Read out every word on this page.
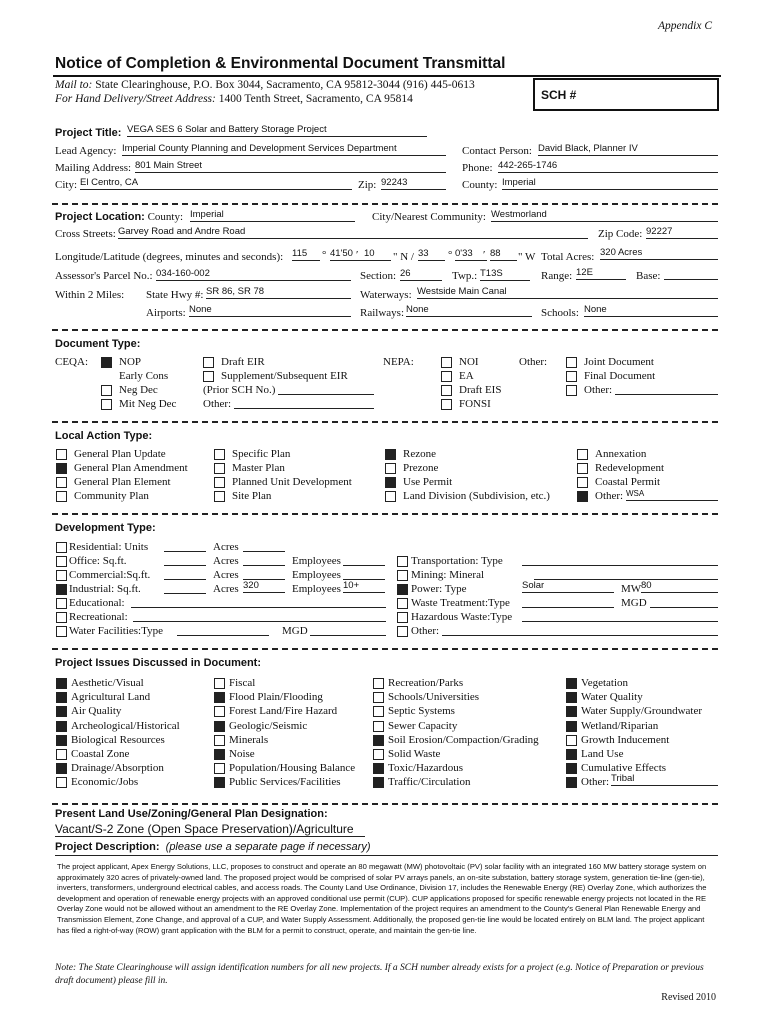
Appendix C
Notice of Completion & Environmental Document Transmittal
Mail to: State Clearinghouse, P.O. Box 3044, Sacramento, CA 95812-3044 (916) 445-0613
For Hand Delivery/Street Address: 1400 Tenth Street, Sacramento, CA 95814	SCH #
Project Title: VEGA SES 6 Solar and Battery Storage Project
Lead Agency: Imperial County Planning and Development Services Department	Contact Person: David Black, Planner IV
Mailing Address: 801 Main Street	Phone: 442-265-1746
City: El Centro, CA	Zip: 92243	County: Imperial
Project Location: County: Imperial	City/Nearest Community: Westmorland
Cross Streets: Garvey Road and Andre Road	Zip Code: 92227
Longitude/Latitude (degrees, minutes and seconds): 115	° 41'50 ′ 10	" N / 33	° 0'33 ′ 88	" W Total Acres: 320 Acres
Assessor's Parcel No.: 034-160-002	Section: 26	Twp.: T13S	Range: 12E	Base:
Within 2 Miles: State Hwy #: SR 86, SR 78	Waterways: Westside Main Canal
Airports: None	Railways: None	Schools: None
Document Type:
CEQA:	NOP
Early Cons
Neg Dec
Mit Neg Dec
Draft EIR
Supplement/Subsequent EIR
(Prior SCH No.)
Other:
NEPA:	NOI
EA
Draft EIS
FONSI
Other:	Joint Document
Final Document
Other:
Local Action Type:
General Plan Update
General Plan Amendment
General Plan Element
Community Plan
Specific Plan
Master Plan
Planned Unit Development
Site Plan
Rezone
Prezone
Use Permit
Land Division (Subdivision, etc.)
Annexation
Redevelopment
Coastal Permit
Other: WSA
Development Type:
Residential: Units	Acres
Office: Sq.ft.	Acres	Employees
Commercial:Sq.ft.	Acres	Employees
Industrial: Sq.ft.	Acres 320	Employees 10+
Educational:
Recreational:
Water Facilities:Type	MGD
Transportation: Type
Mining: Mineral
Power: Type	Solar	MW 80
Waste Treatment:Type	MGD
Hazardous Waste:Type
Other:
Project Issues Discussed in Document:
Aesthetic/Visual
Agricultural Land
Air Quality
Archeological/Historical
Biological Resources
Coastal Zone
Drainage/Absorption
Economic/Jobs
Fiscal
Flood Plain/Flooding
Forest Land/Fire Hazard
Geologic/Seismic
Minerals
Noise
Population/Housing Balance
Public Services/Facilities
Recreation/Parks
Schools/Universities
Septic Systems
Sewer Capacity
Soil Erosion/Compaction/Grading
Solid Waste
Toxic/Hazardous
Traffic/Circulation
Vegetation
Water Quality
Water Supply/Groundwater
Wetland/Riparian
Growth Inducement
Land Use
Cumulative Effects
Other: Tribal
Present Land Use/Zoning/General Plan Designation:
Vacant/S-2 Zone (Open Space Preservation)/Agriculture
Project Description: (please use a separate page if necessary)
The project applicant, Apex Energy Solutions, LLC, proposes to construct and operate an 80 megawatt (MW) photovoltaic (PV) solar facility with an integrated 160 MW battery storage system on approximately 320 acres of privately-owned land. The proposed project would be comprised of solar PV arrays panels, an on-site substation, battery storage system, generation tie-line (gen-tie), inverters, transformers, underground electrical cables, and access roads. The County Land Use Ordinance, Division 17, includes the Renewable Energy (RE) Overlay Zone, which authorizes the development and operation of renewable energy projects with an approved conditional use permit (CUP). CUP applications proposed for specific renewable energy projects not located in the RE Overlay Zone would not be allowed without an amendment to the RE Overlay Zone. Implementation of the project requires an amendment to the County's General Plan Renewable Energy and Transmission Element, Zone Change, and approval of a CUP, and Water Supply Assessment. Additionally, the proposed gen-tie line would be located entirely on BLM land. The project applicant has filed a right-of-way (ROW) grant application with the BLM for a permit to construct, operate, and maintain the gen-tie line.
Note: The State Clearinghouse will assign identification numbers for all new projects. If a SCH number already exists for a project (e.g. Notice of Preparation or previous draft document) please fill in.
Revised 2010
